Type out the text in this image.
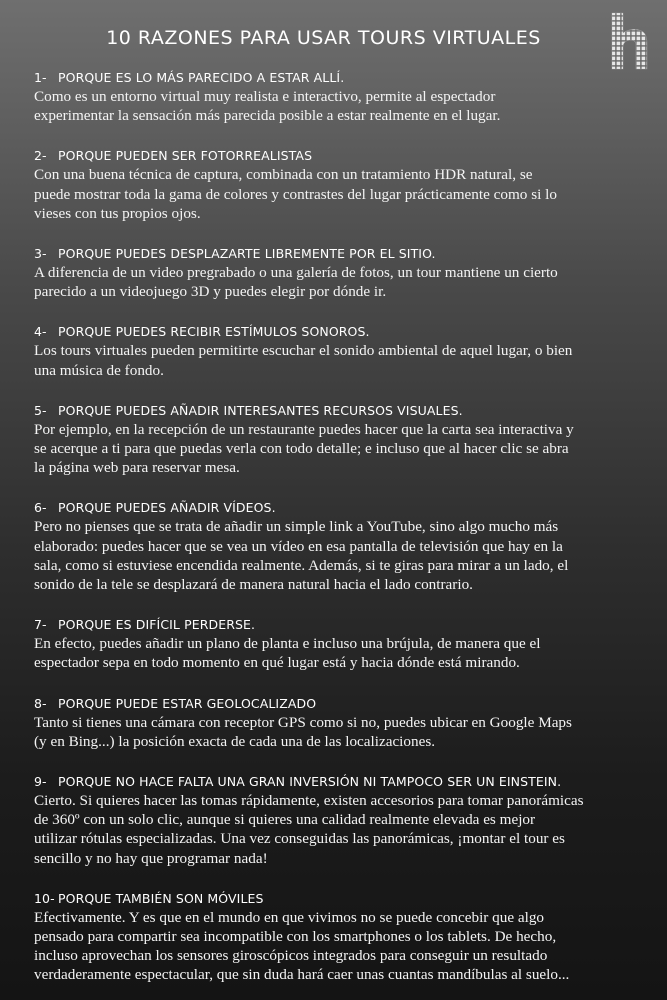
10 RAZONES PARA USAR TOURS VIRTUALES
1- PORQUE ES LO MÁS PARECIDO A ESTAR ALLÍ.
Como es un entorno virtual muy realista e interactivo, permite al espectador
experimentar la sensación más parecida posible a estar realmente en el lugar.
2- PORQUE PUEDEN SER FOTORREALISTAS
Con una buena técnica de captura, combinada con un tratamiento HDR natural, se
puede mostrar toda la gama de colores y contrastes del lugar prácticamente como si lo
vieses con tus propios ojos.
3- PORQUE PUEDES DESPLAZARTE LIBREMENTE POR EL SITIO.
A diferencia de un video pregrabado o una galería de fotos, un tour mantiene un cierto
parecido a un videojuego 3D y puedes elegir por dónde ir.
4- PORQUE PUEDES RECIBIR ESTÍMULOS SONOROS.
Los tours virtuales pueden permitirte escuchar el sonido ambiental de aquel lugar, o bien
una música de fondo.
5- PORQUE PUEDES AÑADIR INTERESANTES RECURSOS VISUALES.
Por ejemplo, en la recepción de un restaurante puedes hacer que la carta sea interactiva y
se acerque a ti para que puedas verla con todo detalle; e incluso que al hacer clic se abra
la página web para reservar mesa.
6- PORQUE PUEDES AÑADIR VÍDEOS.
Pero no pienses que se trata de añadir un simple link a YouTube, sino algo mucho más
elaborado: puedes hacer que se vea un vídeo en esa pantalla de televisión que hay en la
sala, como si estuviese encendida realmente. Además, si te giras para mirar a un lado, el
sonido de la tele se desplazará de manera natural hacia el lado contrario.
7- PORQUE ES DIFÍCIL PERDERSE.
En efecto, puedes añadir un plano de planta e incluso una brújula, de manera que el
espectador sepa en todo momento en qué lugar está y hacia dónde está mirando.
8- PORQUE PUEDE ESTAR GEOLOCALIZADO
Tanto si tienes una cámara con receptor GPS como si no, puedes ubicar en Google Maps
(y en Bing...) la posición exacta de cada una de las localizaciones.
9- PORQUE NO HACE FALTA UNA GRAN INVERSIÓN NI TAMPOCO SER UN EINSTEIN.
Cierto. Si quieres hacer las tomas rápidamente, existen accesorios para tomar panorámicas
de 360º con un solo clic, aunque si quieres una calidad realmente elevada es mejor
utilizar rótulas especializadas. Una vez conseguidas las panorámicas, ¡montar el tour es
sencillo y no hay que programar nada!
10- PORQUE TAMBIÉN SON MÓVILES
Efectivamente. Y es que en el mundo en que vivimos no se puede concebir que algo
pensado para compartir sea incompatible con los smartphones o los tablets. De hecho,
incluso aprovechan los sensores giroscópicos integrados para conseguir un resultado
verdaderamente espectacular, que sin duda hará caer unas cuantas mandíbulas al suelo...
